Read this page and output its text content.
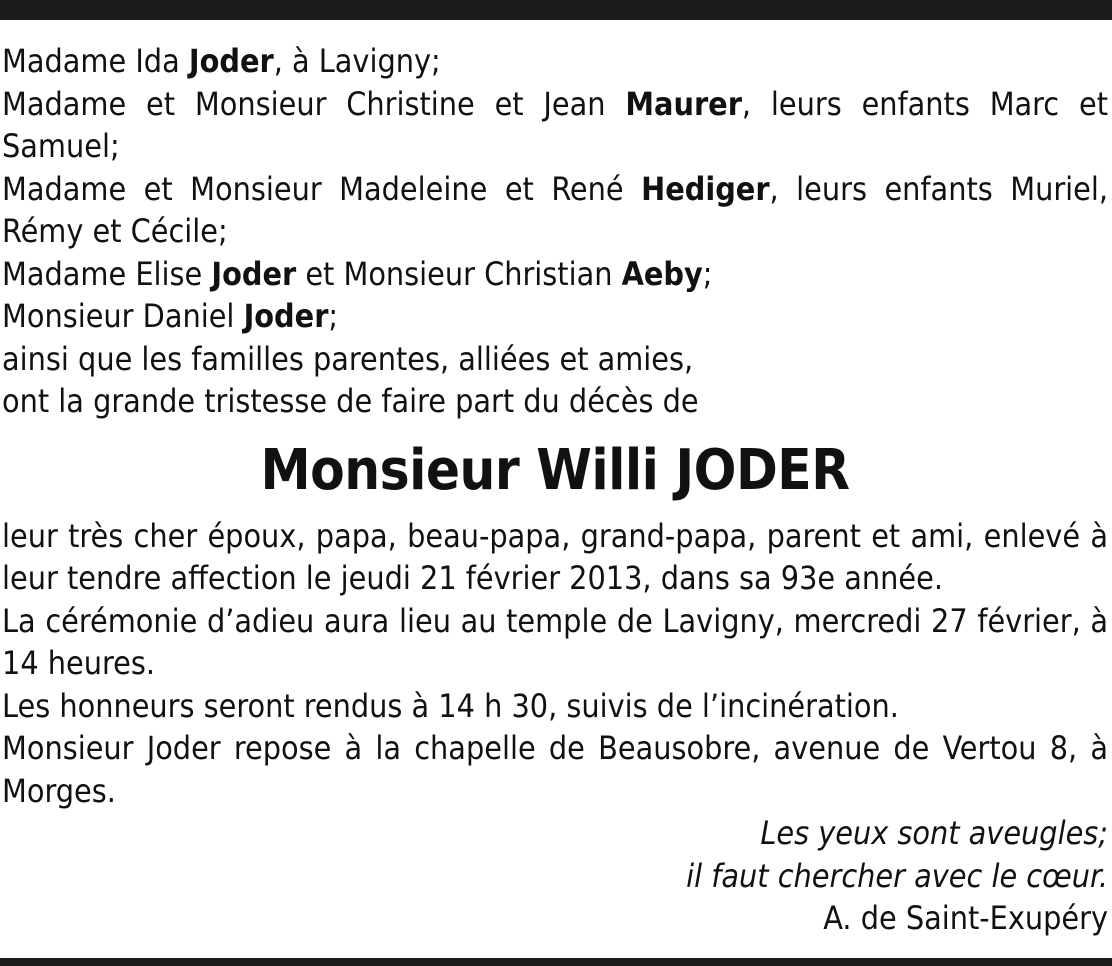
Madame Ida Joder, à Lavigny;

Madame et Monsieur Christine et Jean Maurer, leurs enfants Marc et Samuel;

Madame et Monsieur Madeleine et René Hediger, leurs enfants Muriel, Rémy et Cécile;

Madame Elise Joder et Monsieur Christian Aeby;

Monsieur Daniel Joder;

ainsi que les familles parentes, alliées et amies,

ont la grande tristesse de faire part du décès de

Monsieur Willi JODER

leur très cher époux, papa, beau-papa, grand-papa, parent et ami, enlevé à leur tendre affection le jeudi 21 février 2013, dans sa 93e année.

La cérémonie d’adieu aura lieu au temple de Lavigny, mercredi 27 février, à 14 heures.

Les honneurs seront rendus à 14 h 30, suivis de l’incinération.

Monsieur Joder repose à la chapelle de Beausobre, avenue de Vertou 8, à Morges.

Les yeux sont aveugles;
il faut chercher avec le cœur.
A. de Saint-Exupéry
